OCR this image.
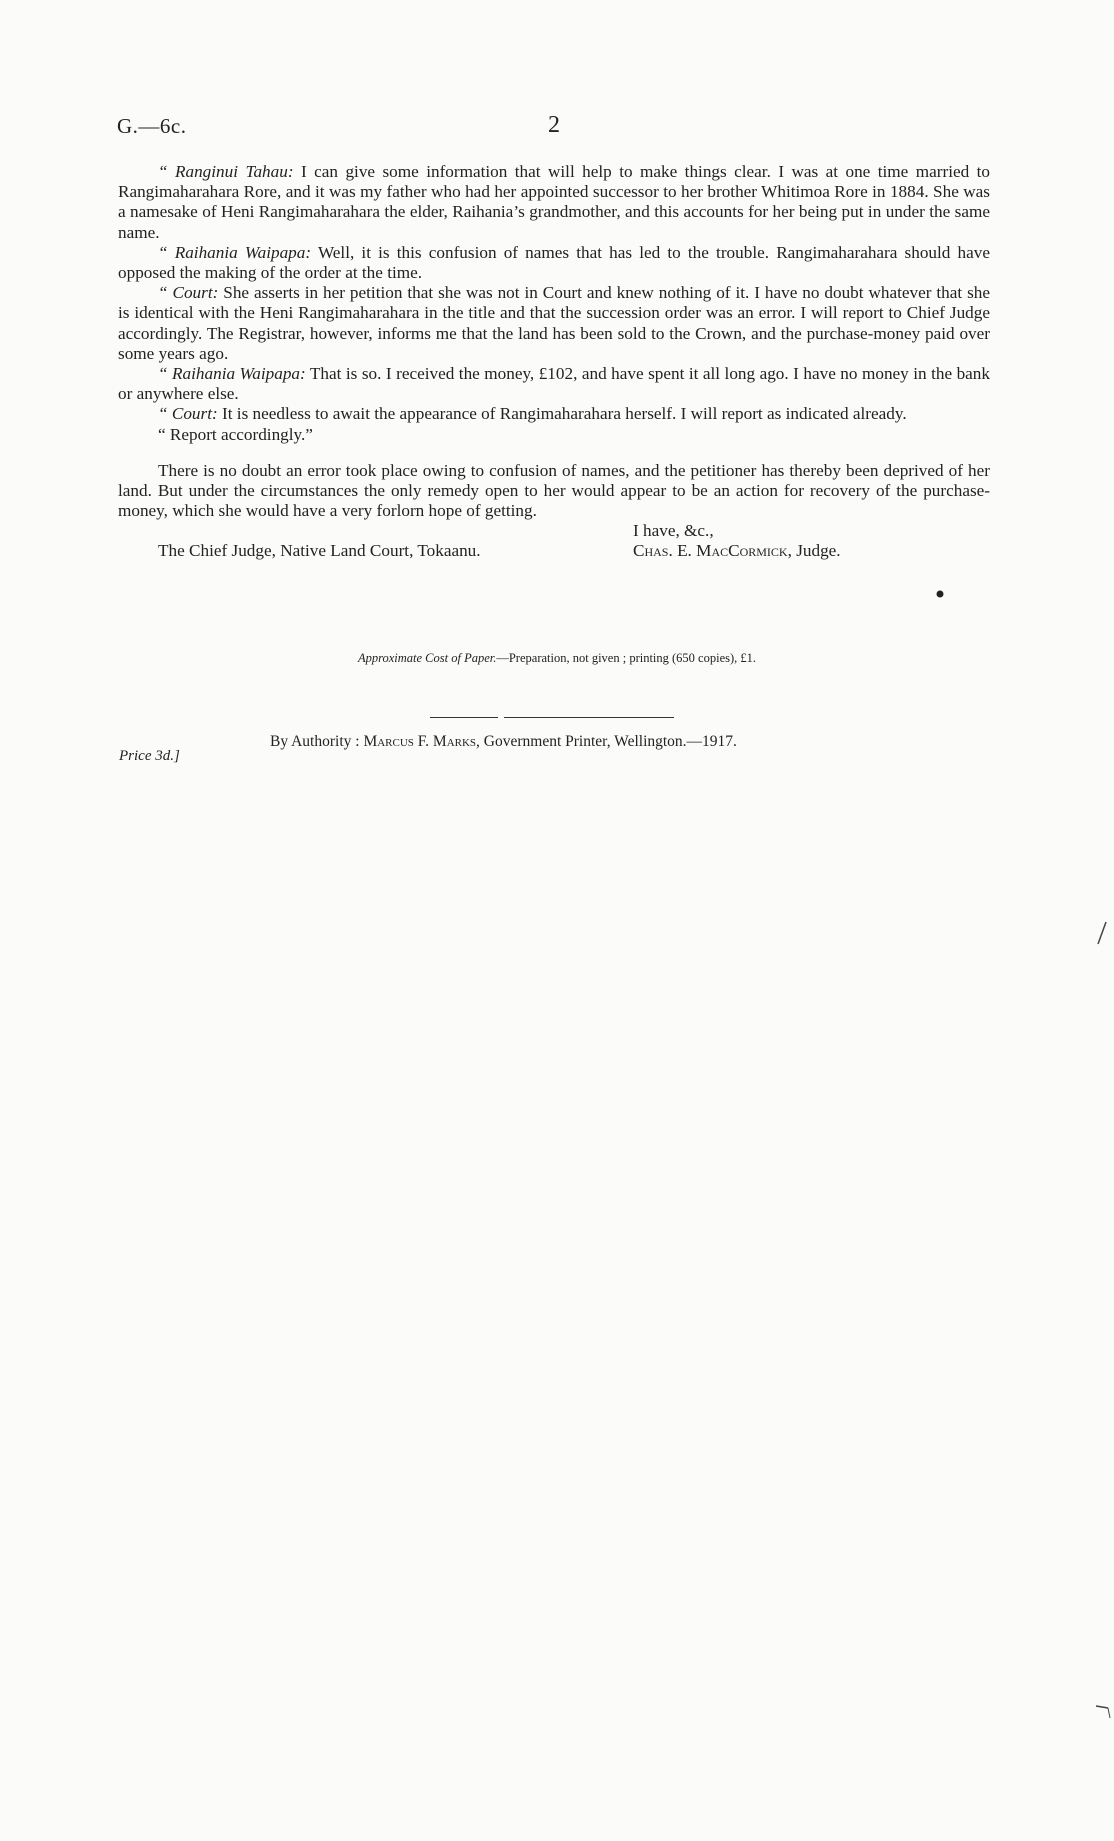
G.—6c.	2

“ Ranginui Tahau: I can give some information that will help to make things clear. I was at one time married to Rangimaharahara Rore, and it was my father who had her appointed successor to her brother Whitimoa Rore in 1884. She was a namesake of Heni Rangimaharahara the elder, Raihania’s grandmother, and this accounts for her being put in under the same name.

“ Raihania Waipapa: Well, it is this confusion of names that has led to the trouble. Rangimaharahara should have opposed the making of the order at the time.

“ Court: She asserts in her petition that she was not in Court and knew nothing of it. I have no doubt whatever that she is identical with the Heni Rangimaharahara in the title and that the succession order was an error. I will report to Chief Judge accordingly. The Registrar, however, informs me that the land has been sold to the Crown, and the purchase-money paid over some years ago.

“ Raihania Waipapa: That is so. I received the money, £102, and have spent it all long ago. I have no money in the bank or anywhere else.

“ Court: It is needless to await the appearance of Rangimaharahara herself. I will report as indicated already.

“ Report accordingly.”

There is no doubt an error took place owing to confusion of names, and the petitioner has thereby been deprived of her land. But under the circumstances the only remedy open to her would appear to be an action for recovery of the purchase-money, which she would have a very forlorn hope of getting.

I have, &c.,
The Chief Judge, Native Land Court, Tokaanu.	Chas. E. MacCormick, Judge.
Approximate Cost of Paper.—Preparation, not given ; printing (650 copies), £1.
By Authority : Marcus F. Marks, Government Printer, Wellington.—1917.
Price 3d.]
